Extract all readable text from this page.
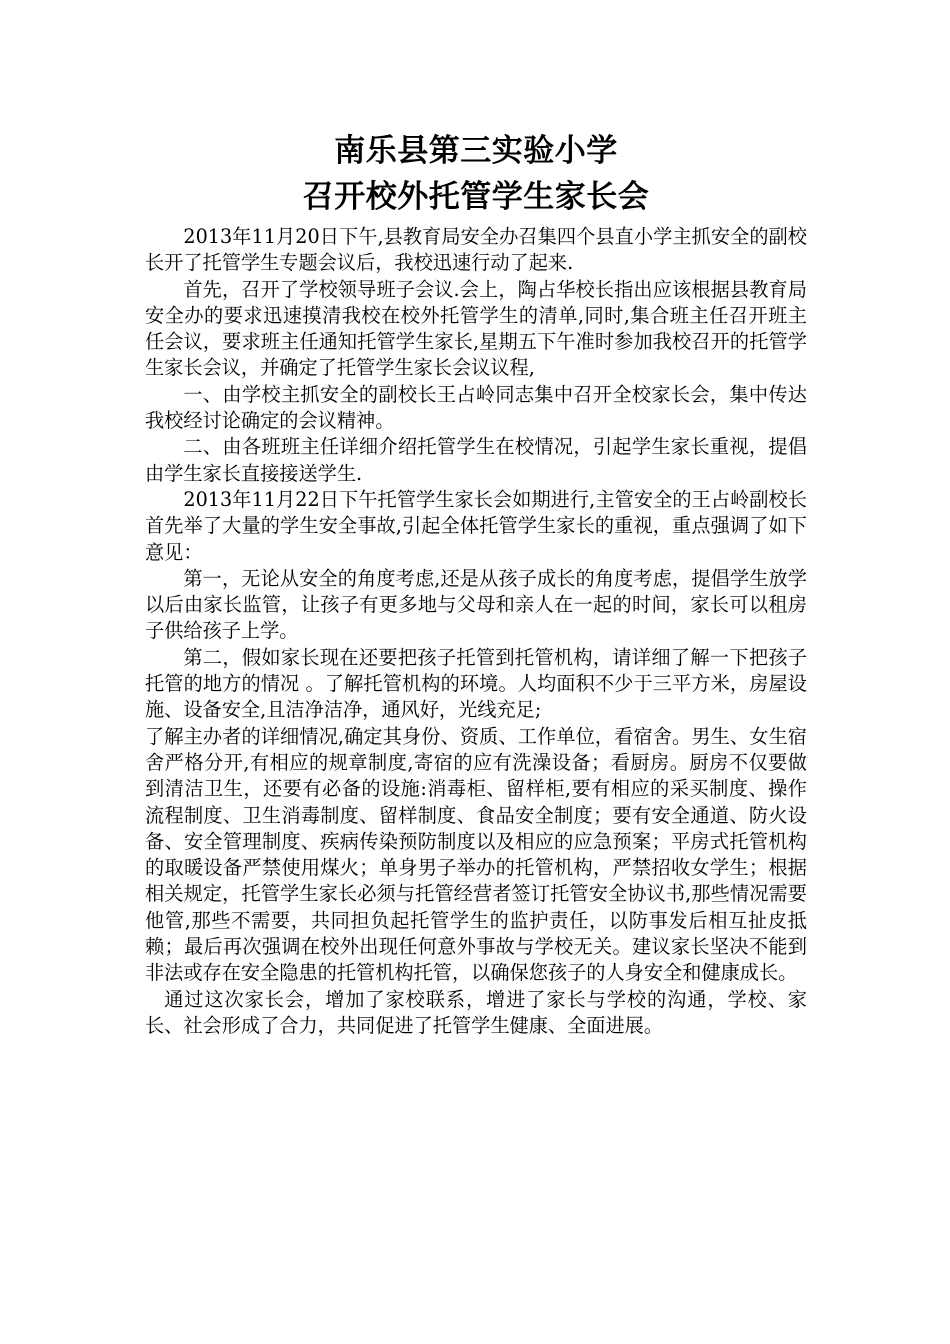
南乐县第三实验小学
召开校外托管学生家长会

2013年11月20日下午,县教育局安全办召集四个县直小学主抓安全的副校长开了托管学生专题会议后，我校迅速行动了起来.

首先，召开了学校领导班子会议.会上，陶占华校长指出应该根据县教育局安全办的要求迅速摸清我校在校外托管学生的清单,同时,集合班主任召开班主任会议，要求班主任通知托管学生家长,星期五下午准时参加我校召开的托管学生家长会议，并确定了托管学生家长会议议程,

一、由学校主抓安全的副校长王占岭同志集中召开全校家长会，集中传达我校经讨论确定的会议精神。

二、由各班班主任详细介绍托管学生在校情况，引起学生家长重视，提倡由学生家长直接接送学生.

2013年11月22日下午托管学生家长会如期进行,主管安全的王占岭副校长首先举了大量的学生安全事故,引起全体托管学生家长的重视，重点强调了如下意见：

第一，无论从安全的角度考虑,还是从孩子成长的角度考虑，提倡学生放学以后由家长监管，让孩子有更多地与父母和亲人在一起的时间，家长可以租房子供给孩子上学。

第二，假如家长现在还要把孩子托管到托管机构，请详细了解一下把孩子托管的地方的情况 。了解托管机构的环境。人均面积不少于三平方米，房屋设施、设备安全,且洁净洁净，通风好，光线充足;

了解主办者的详细情况,确定其身份、资质、工作单位，看宿舍。男生、女生宿舍严格分开,有相应的规章制度,寄宿的应有洗澡设备；看厨房。厨房不仅要做到清洁卫生，还要有必备的设施:消毒柜、留样柜,要有相应的采买制度、操作流程制度、卫生消毒制度、留样制度、食品安全制度；要有安全通道、防火设备、安全管理制度、疾病传染预防制度以及相应的应急预案；平房式托管机构的取暖设备严禁使用煤火；单身男子举办的托管机构，严禁招收女学生；根据相关规定，托管学生家长必须与托管经营者签订托管安全协议书,那些情况需要他管,那些不需要，共同担负起托管学生的监护责任，以防事发后相互扯皮抵赖；最后再次强调在校外出现任何意外事故与学校无关。建议家长坚决不能到非法或存在安全隐患的托管机构托管，以确保您孩子的人身安全和健康成长。

通过这次家长会，增加了家校联系，增进了家长与学校的沟通，学校、家长、社会形成了合力，共同促进了托管学生健康、全面进展。
